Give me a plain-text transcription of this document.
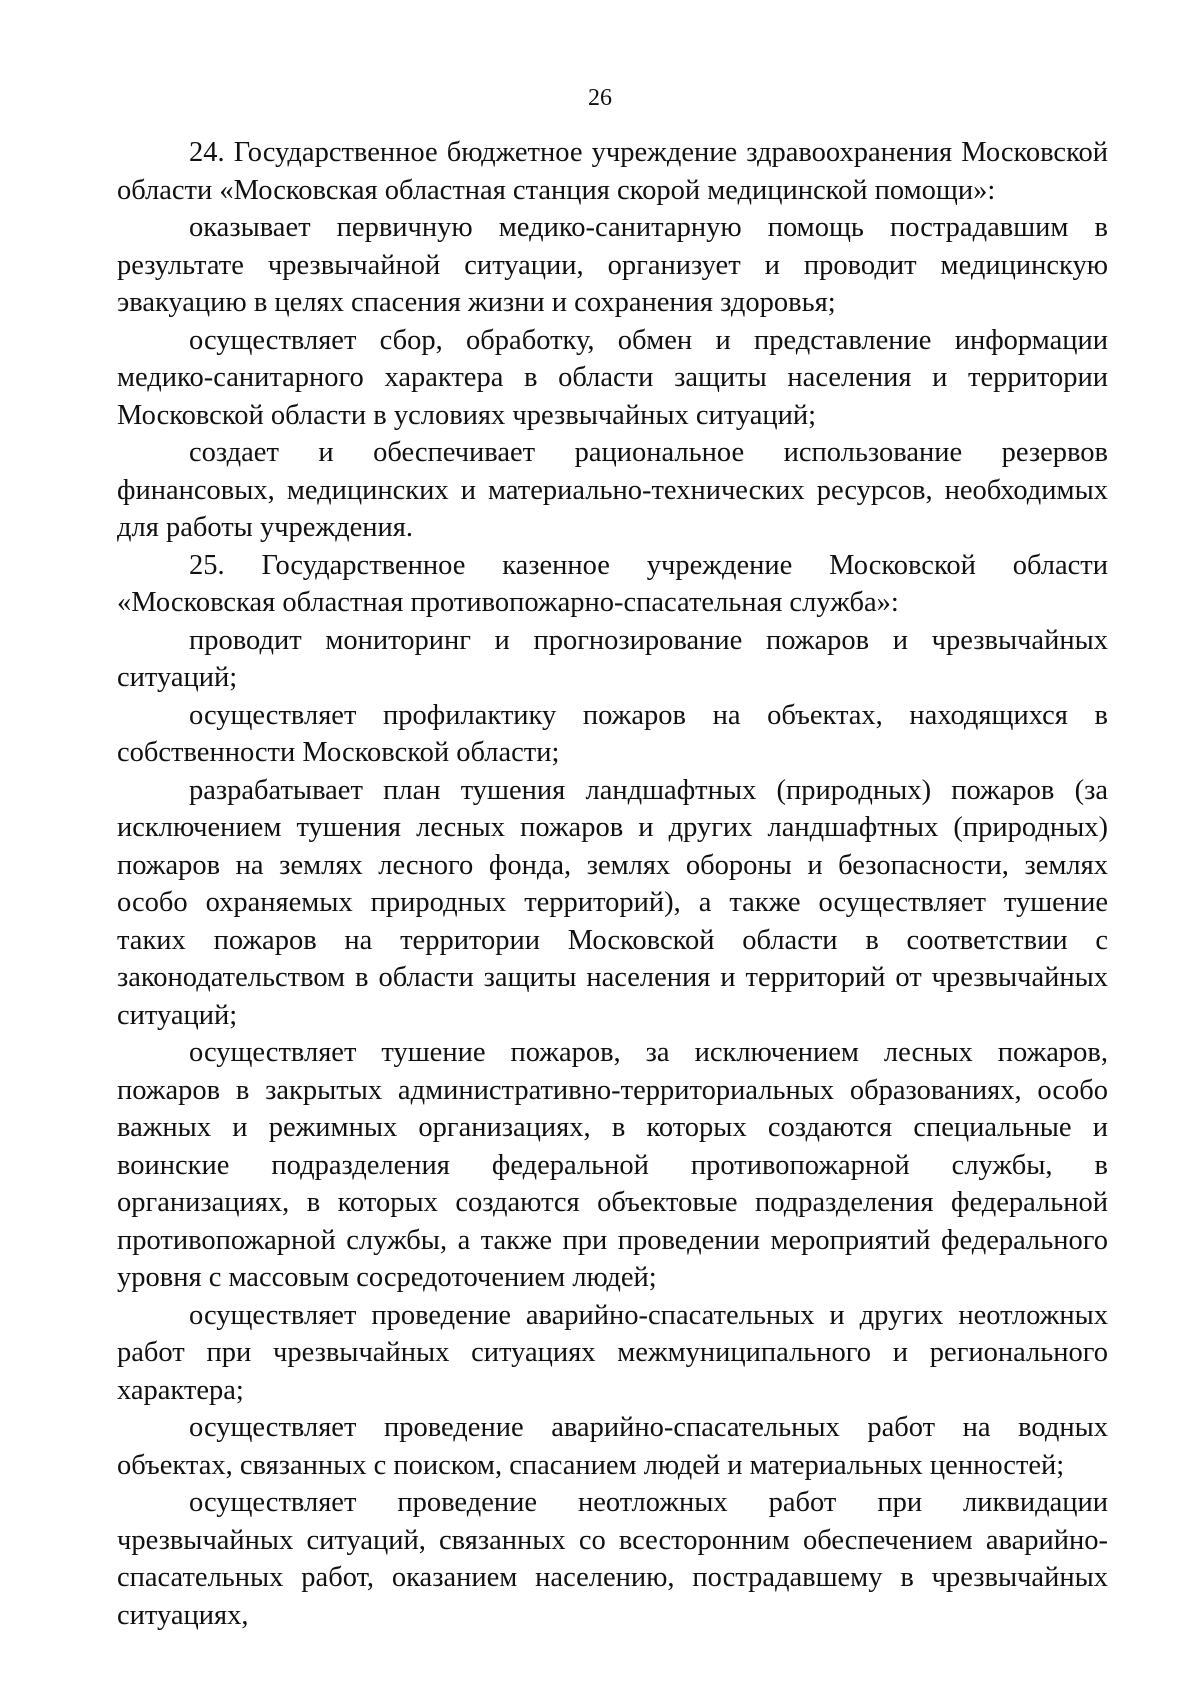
26

24. Государственное бюджетное учреждение здравоохранения Московской области «Московская областная станция скорой медицинской помощи»:

оказывает первичную медико-санитарную помощь пострадавшим в результате чрезвычайной ситуации, организует и проводит медицинскую эвакуацию в целях спасения жизни и сохранения здоровья;

осуществляет сбор, обработку, обмен и представление информации медико-санитарного характера в области защиты населения и территории Московской области в условиях чрезвычайных ситуаций;

создает и обеспечивает рациональное использование резервов финансовых, медицинских и материально-технических ресурсов, необходимых для работы учреждения.

25. Государственное казенное учреждение Московской области «Московская областная противопожарно-спасательная служба»:

проводит мониторинг и прогнозирование пожаров и чрезвычайных ситуаций;

осуществляет профилактику пожаров на объектах, находящихся в собственности Московской области;

разрабатывает план тушения ландшафтных (природных) пожаров (за исключением тушения лесных пожаров и других ландшафтных (природных) пожаров на землях лесного фонда, землях обороны и безопасности, землях особо охраняемых природных территорий), а также осуществляет тушение таких пожаров на территории Московской области в соответствии с законодательством в области защиты населения и территорий от чрезвычайных ситуаций;

осуществляет тушение пожаров, за исключением лесных пожаров, пожаров в закрытых административно-территориальных образованиях, особо важных и режимных организациях, в которых создаются специальные и воинские подразделения федеральной противопожарной службы, в организациях, в которых создаются объектовые подразделения федеральной противопожарной службы, а также при проведении мероприятий федерального уровня с массовым сосредоточением людей;

осуществляет проведение аварийно-спасательных и других неотложных работ при чрезвычайных ситуациях межмуниципального и регионального характера;

осуществляет проведение аварийно-спасательных работ на водных объектах, связанных с поиском, спасанием людей и материальных ценностей;

осуществляет проведение неотложных работ при ликвидации чрезвычайных ситуаций, связанных со всесторонним обеспечением аварийно-спасательных работ, оказанием населению, пострадавшему в чрезвычайных ситуациях,
